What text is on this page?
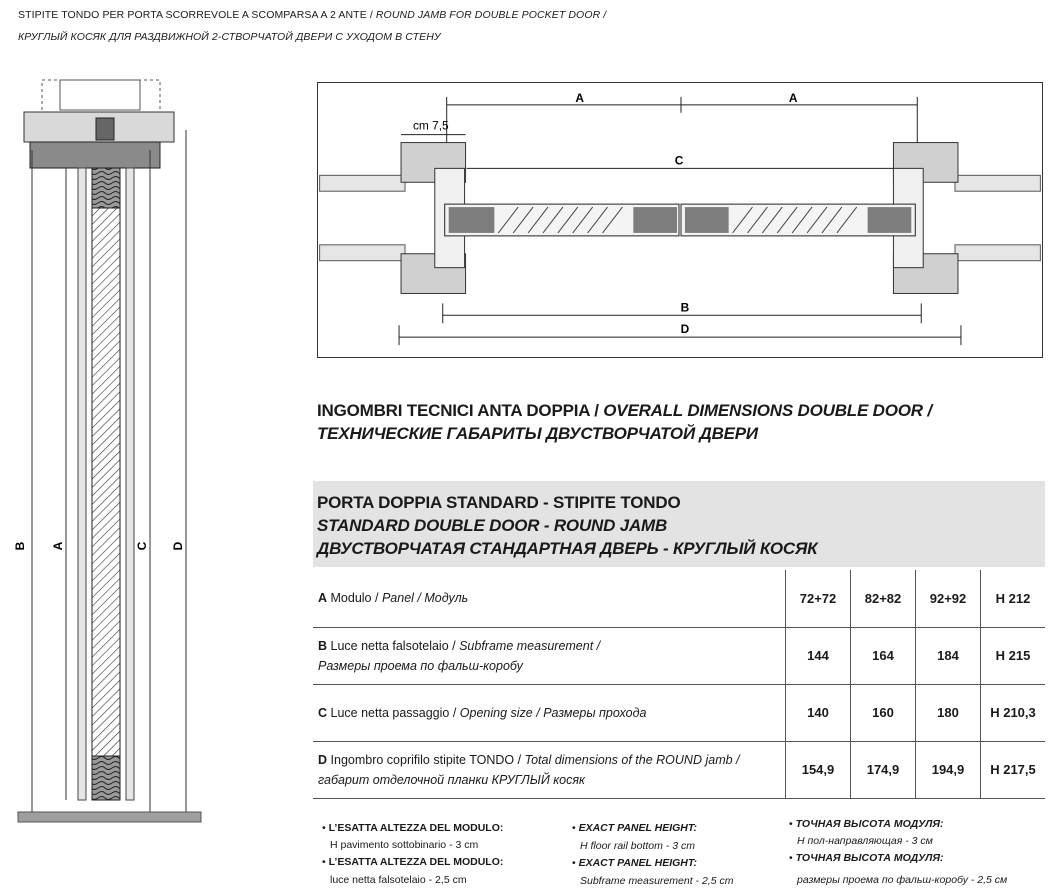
STIPITE TONDO PER PORTA SCORREVOLE A SCOMPARSA A 2 ANTE / ROUND JAMB FOR DOUBLE POCKET DOOR /
КРУГЛЫЙ КОСЯК ДЛЯ РАЗДВИЖНОЙ 2-СТВОРЧАТОЙ ДВЕРИ С УХОДОМ В СТЕНУ
B A	C D
A	A
cm 7,5
C
B
D
INGOMBRI TECNICI ANTA DOPPIA / OVERALL DIMENSIONS DOUBLE DOOR /
ТЕХНИЧЕСКИЕ ГАБАРИТЫ ДВУСТВОРЧАТОЙ ДВЕРИ
PORTA DOPPIA STANDARD - STIPITE TONDO
STANDARD DOUBLE DOOR - ROUND JAMB
ДВУСТВОРЧАТАЯ СТАНДАРТНАЯ ДВЕРЬ - КРУГЛЫЙ КОСЯК
A Modulo / Panel / Модуль	72+72	82+82	92+92	H 212
B Luce netta falsotelaio / Subframe measurement /
Размеры проема по фальш-коробу	144	164	184	H 215
C Luce netta passaggio / Opening size / Размеры прохода	140	160	180	H 210,3
D Ingombro coprifilo stipite TONDO / Total dimensions of the ROUND jamb /
габарит отделочной планки КРУГЛЫЙ косяк	154,9	174,9	194,9	H 217,5
• L’ESATTA ALTEZZA DEL MODULO:
H pavimento sottobinario - 3 cm
• L’ESATTA ALTEZZA DEL MODULO:
luce netta falsotelaio - 2,5 cm
• EXACT PANEL HEIGHT:
H floor rail bottom - 3 cm
• EXACT PANEL HEIGHT:
Subframe measurement - 2,5 cm
• ТОЧНАЯ ВЫСОТА МОДУЛЯ:
H пол-направляющая - 3 см
• ТОЧНАЯ ВЫСОТА МОДУЛЯ:
размеры проема по фальш-коробу - 2,5 см
